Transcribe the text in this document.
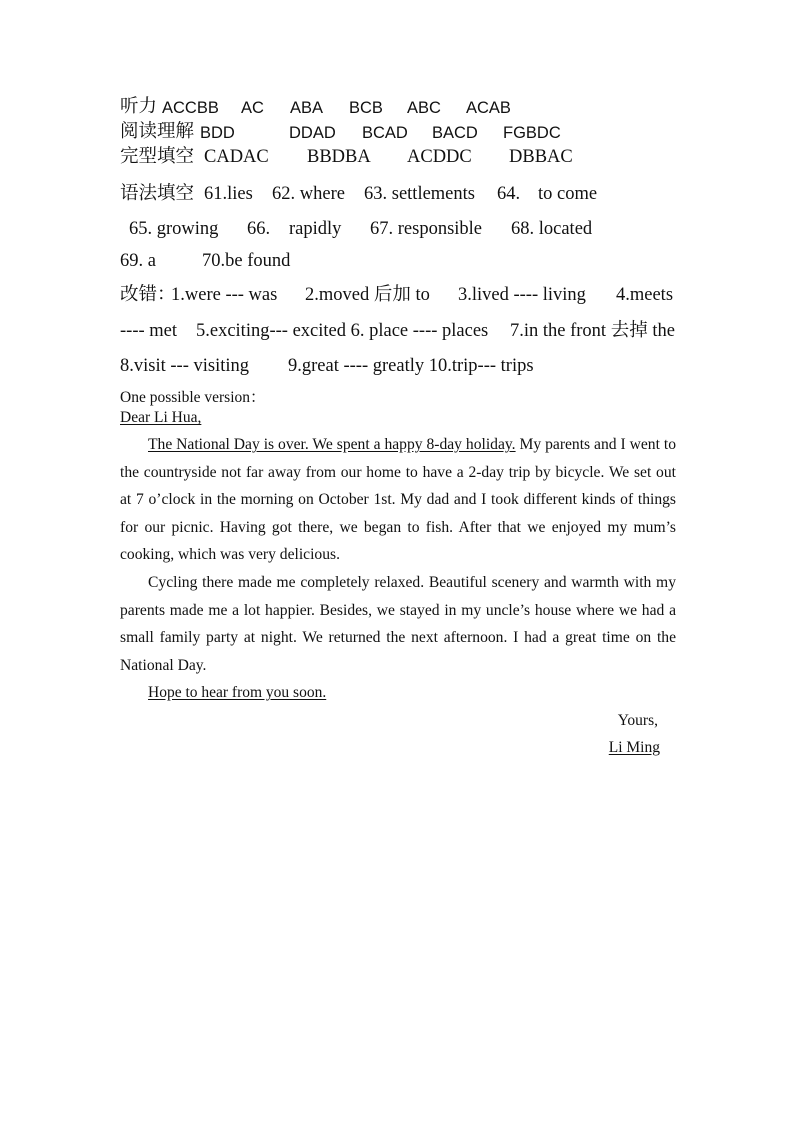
听力 ACCBB AC ABA BCB ABC ACAB
阅读理解 BDD	DDAD BCAD BACD FGBDC
完型填空 CADAC BBDBA ACDDC DBBAC
语法填空 61.lies 62. where 63. settlements 64. to come
65. growing 66. rapidly 67. responsible 68. located
69. a 70.be found
改错：
1.were --- was 2.moved 后加 to 3.lived ---- living 4.meets
---- met 5.exciting--- excited 6. place ---- places 7.in the front 去掉 the
8.visit --- visiting 9.great ---- greatly 10.trip--- trips
One possible version：
Dear Li Hua,
The National Day is over. We spent a happy 8-day holiday. My parents and I went to the countryside not far away from our home to have a 2-day trip by bicycle. We set out at 7 o’clock in the morning on October 1st. My dad and I took different kinds of things for our picnic. Having got there, we began to fish. After that we enjoyed my mum’s cooking, which was very delicious.
Cycling there made me completely relaxed. Beautiful scenery and warmth with my parents made me a lot happier. Besides, we stayed in my uncle’s house where we had a small family party at night. We returned the next afternoon. I had a great time on the National Day.
Hope to hear from you soon.
Yours,
Li Ming
